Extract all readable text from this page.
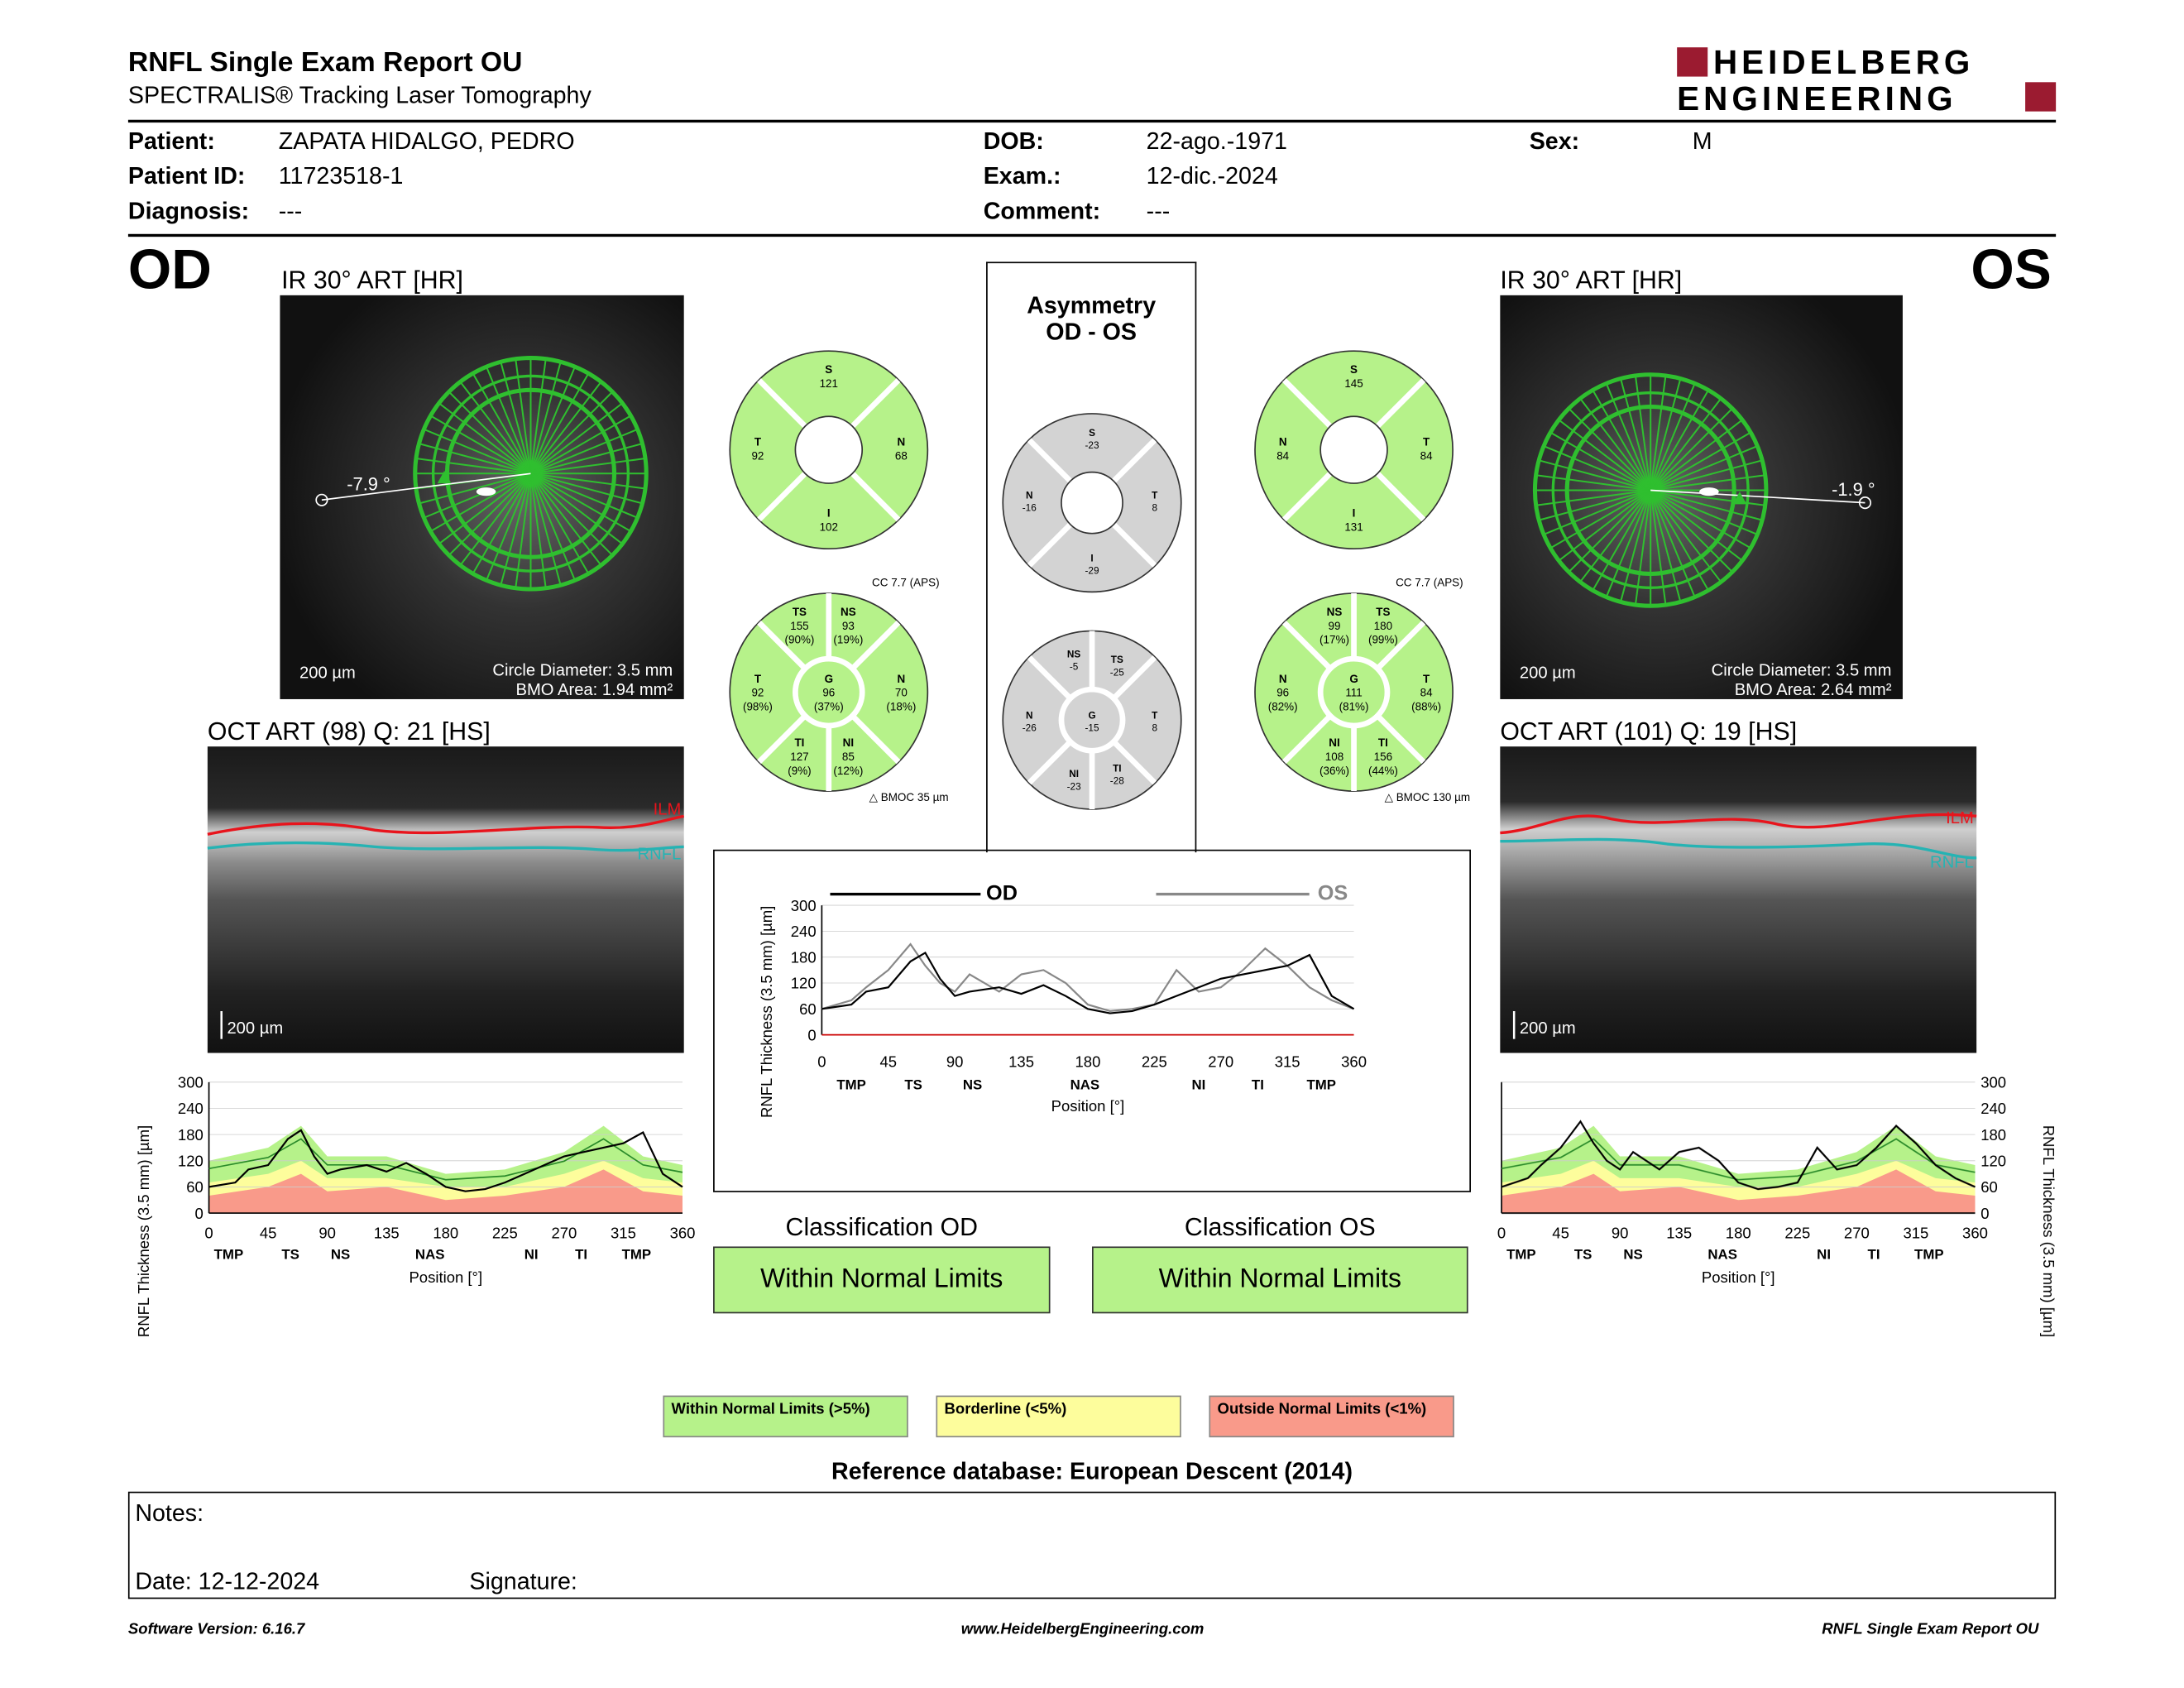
RNFL Single Exam Report OU
SPECTRALIS® Tracking Laser Tomography
HEIDELBERG
ENGINEERING
Patient:	ZAPATA HIDALGO, PEDRO
Patient ID: 11723518-1
Diagnosis: ---
DOB:	22-ago.-1971
Exam.:	12-dic.-2024
Comment:	---
Sex:	M
OD	OS
IR 30° ART [HR]	IR 30° ART [HR]
-7.9 °
200 µm	Circle Diameter: 3.5 mm
BMO Area: 1.94 mm²
-1.9 °
200 µm	Circle Diameter: 3.5 mm
BMO Area: 2.64 mm²
OCT ART (98) Q: 21 [HS]	OCT ART (101) Q: 19 [HS]
ILM
RNFL
200 µm
ILM
RNFL
200 µm
S
121
T
92
N
68
I
102
S
145
N
84
T
84
I
131
CC 7.7 (APS)
TS
155
(90%)
NS
93
(19%)
T
92
(98%)
G
96
(37%)
N
70
(18%)
TI
127
(9%)
NI
85
(12%)
△ BMOC 35 µm
CC 7.7 (APS)
NS
99
(17%)
TS
180
(99%)
N
96
(82%)
G
111
(81%)
T
84
(88%)
NI
108
(36%)
TI
156
(44%)
△ BMOC 130 µm
Asymmetry
OD - OS
S
-23
N
-16
T
8
I
-29
NS
-5
TS
-25
N
-26
G
-15
T
8
NI
-23
TI
-28
300
240
180
120
60
0
0	45	90	135	180	225	270	315	360
TMP	TS	NS	NAS	NI	TI	TMP
Position [°]
RNFL Thickness (3.5 mm) [µm]
OD	OS
300
240
180
120
60
0
0	45	90	135	180	225	270	315	360
TMP	TS	NS	NAS	NI	TI	TMP
Position [°]
RNFL Thickness (3.5 mm) [µm]
300
240
180
120
60
0
0	45	90	135	180	225	270	315	360
TMP	TS	NS	NAS	NI	TI	TMP
Position [°]	RNFL Thickness (3.5 mm) [µm]
Classification OD	Classification OS
Within Normal Limits	Within Normal Limits
Within Normal Limits (>5%)	Borderline (<5%)	Outside Normal Limits (<1%)
Reference database: European Descent (2014)
Notes:
Date: 12-12-2024	Signature:
Software Version: 6.16.7	www.HeidelbergEngineering.com	RNFL Single Exam Report OU
